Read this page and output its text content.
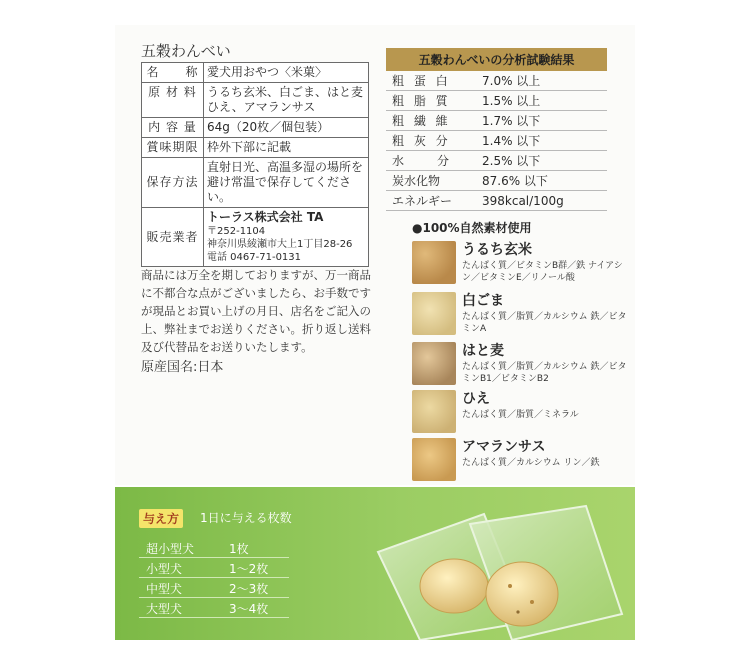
五穀わんべい
名　　称	愛犬用おやつ〈米菓〉
原 材 料	うるち玄米、白ごま、はと麦ひえ、アマランサス
内 容 量	64g（20枚／個包装）
賞味期限	枠外下部に記載
保存方法	直射日光、高温多湿の場所を避け常温で保存してください。
販売業者	トーラス株式会社 TA
〒252-1104
神奈川県綾瀬市大上1丁目28-26
電話 0467-71-0131
商品には万全を期しておりますが、万一商品に不都合な点がございましたら、お手数ですが現品とお買い上げの月日、店名をご記入の上、弊社までお送りください。折り返し送料及び代替品をお送りいたします。
原産国名:日本
五穀わんべいの分析試験結果
粗 蛋 白	7.0% 以上
粗 脂 質	1.5% 以上
粗 繊 維	1.7% 以下
粗 灰 分	1.4% 以下
水　　分	2.5% 以下
炭水化物	87.6% 以下
エネルギー	398kcal/100g
●100%自然素材使用
うるち玄米
たんぱく質／ビタミンB群／鉄 ナイアシン／ビタミンE／リノール酸
白ごま
たんぱく質／脂質／カルシウム 鉄／ビタミンA
はと麦
たんぱく質／脂質／カルシウム 鉄／ビタミンB1／ビタミンB2
ひえ
たんぱく質／脂質／ミネラル
アマランサス
たんぱく質／カルシウム リン／鉄
与え方	1日に与える枚数
超小型犬	1枚
小型犬	1〜2枚
中型犬	2〜3枚
大型犬	3〜4枚
